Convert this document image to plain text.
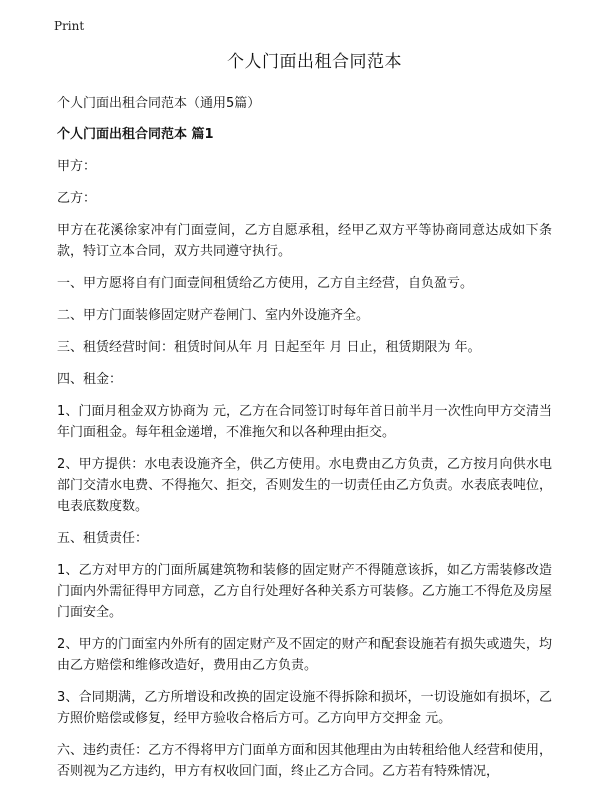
Print
个人门面出租合同范本

个人门面出租合同范本（通用5篇）

个人门面出租合同范本 篇1

甲方：

乙方：

甲方在花溪徐家冲有门面壹间，乙方自愿承租，经甲乙双方平等协商同意达成如下条款，特订立本合同，双方共同遵守执行。

一、甲方愿将自有门面壹间租赁给乙方使用，乙方自主经营，自负盈亏。

二、甲方门面装修固定财产卷闸门、室内外设施齐全。

三、租赁经营时间：租赁时间从年 月 日起至年 月 日止，租赁期限为 年。

四、租金：

1、门面月租金双方协商为 元，乙方在合同签订时每年首日前半月一次性向甲方交清当年门面租金。每年租金递增，不准拖欠和以各种理由拒交。

2、甲方提供：水电表设施齐全，供乙方使用。水电费由乙方负责，乙方按月向供水电部门交清水电费、不得拖欠、拒交，否则发生的一切责任由乙方负责。水表底表吨位，电表底数度数。

五、租赁责任：

1、乙方对甲方的门面所属建筑物和装修的固定财产不得随意该拆，如乙方需装修改造门面内外需征得甲方同意，乙方自行处理好各种关系方可装修。乙方施工不得危及房屋门面安全。

2、甲方的门面室内外所有的固定财产及不固定的财产和配套设施若有损失或遗失，均由乙方赔偿和维修改造好，费用由乙方负责。

3、合同期满，乙方所增设和改换的固定设施不得拆除和损坏，一切设施如有损坏，乙方照价赔偿或修复，经甲方验收合格后方可。乙方向甲方交押金 元。

六、违约责任：乙方不得将甲方门面单方面和因其他理由为由转租给他人经营和使用，否则视为乙方违约，甲方有权收回门面，终止乙方合同。乙方若有特殊情况，
